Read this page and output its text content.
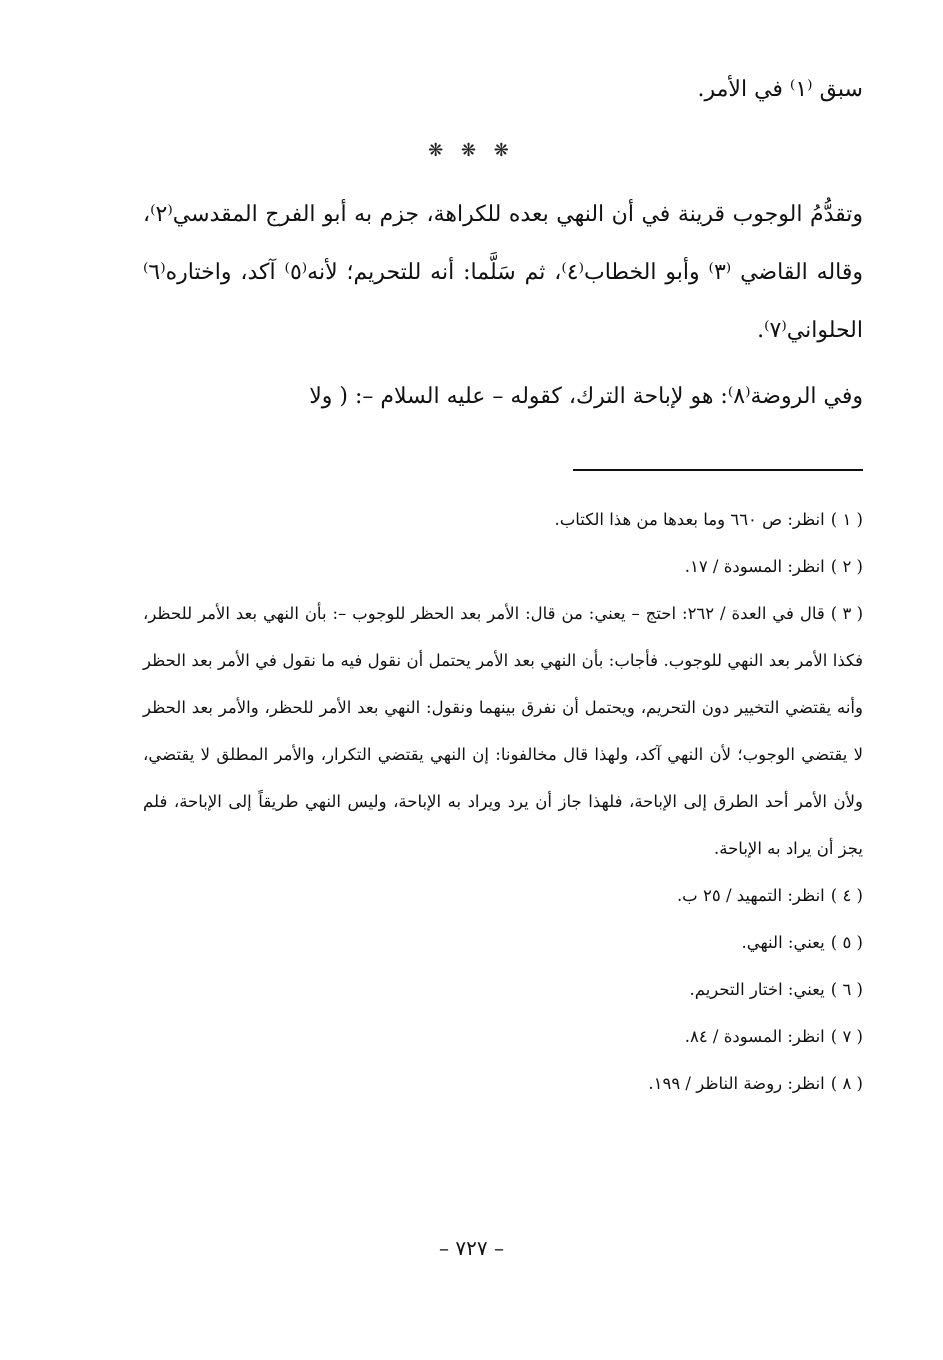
سبق ⁽١⁾ في الأمر.
❋ ❋ ❋
وتقدُّمُ الوجوب قرينة في أن النهي بعده للكراهة، جزم به أبو الفرج المقدسي⁽٢⁾، وقاله القاضي ⁽٣⁾ وأبو الخطاب⁽٤⁾، ثم سَلَّما: أنه للتحريم؛ لأنه⁽٥⁾ آكد، واختاره⁽٦⁾ الحلواني⁽٧⁾.
وفي الروضة⁽٨⁾: هو لإباحة الترك، كقوله – عليه السلام –: ( ولا
( ١ )انظر: ص ٦٦٠ وما بعدها من هذا الكتاب.
( ٢ )انظر: المسودة / ١٧.
( ٣ )قال في العدة / ٢٦٢: احتج – يعني: من قال: الأمر بعد الحظر للوجوب –: بأن النهي بعد الأمر للحظر، فكذا الأمر بعد النهي للوجوب. فأجاب: بأن النهي بعد الأمر يحتمل أن نقول فيه ما نقول في الأمر بعد الحظر وأنه يقتضي التخيير دون التحريم، ويحتمل أن نفرق بينهما ونقول: النهي بعد الأمر للحظر، والأمر بعد الحظر لا يقتضي الوجوب؛ لأن النهي آكد، ولهذا قال مخالفونا: إن النهي يقتضي التكرار، والأمر المطلق لا يقتضي، ولأن الأمر أحد الطرق إلى الإباحة، فلهذا جاز أن يرد ويراد به الإباحة، وليس النهي طريقاً إلى الإباحة، فلم يجز أن يراد به الإباحة.
( ٤ )انظر: التمهيد / ٢٥ ب.
( ٥ )يعني: النهي.
( ٦ )يعني: اختار التحريم.
( ٧ )انظر: المسودة / ٨٤.
( ٨ )انظر: روضة الناظر / ١٩٩.
– ٧٢٧ –
